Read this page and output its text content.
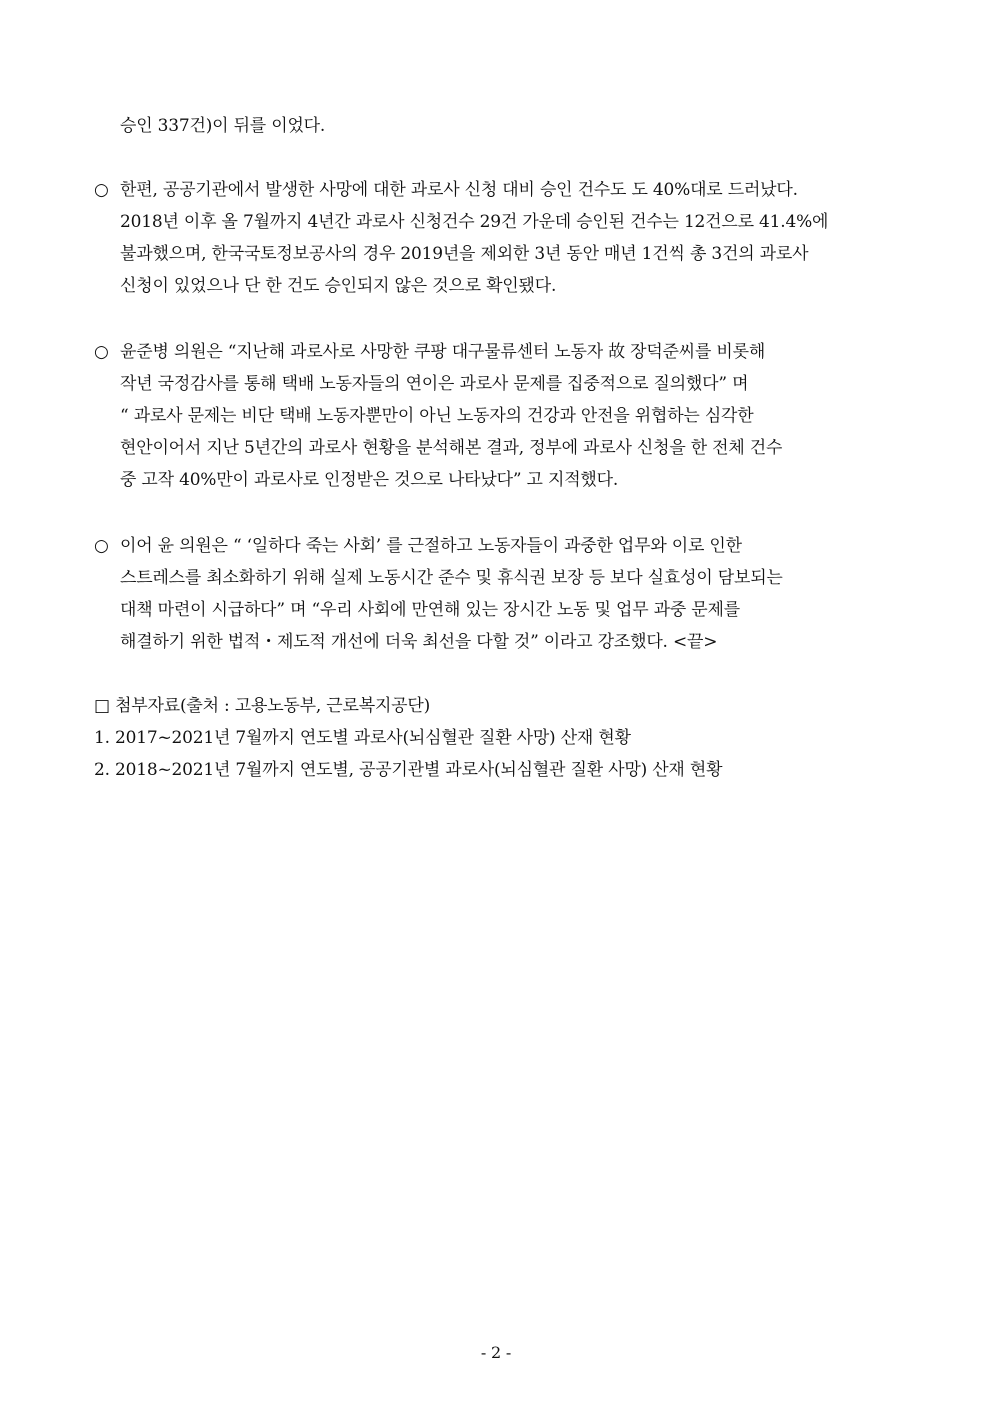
승인 337건)이 뒤를 이었다.
○ 한편, 공공기관에서 발생한 사망에 대한 과로사 신청 대비 승인 건수도 도 40%대로 드러났다.
2018년 이후 올 7월까지 4년간 과로사 신청건수 29건 가운데 승인된 건수는 12건으로 41.4%에
불과했으며, 한국국토정보공사의 경우 2019년을 제외한 3년 동안 매년 1건씩 총 3건의 과로사
신청이 있었으나 단 한 건도 승인되지 않은 것으로 확인됐다.
○ 윤준병 의원은 “지난해 과로사로 사망한 쿠팡 대구물류센터 노동자 故 장덕준씨를 비롯해
작년 국정감사를 통해 택배 노동자들의 연이은 과로사 문제를 집중적으로 질의했다” 며
“ 과로사 문제는 비단 택배 노동자뿐만이 아닌 노동자의 건강과 안전을 위협하는 심각한
현안이어서 지난 5년간의 과로사 현황을 분석해본 결과, 정부에 과로사 신청을 한 전체 건수
중 고작 40%만이 과로사로 인정받은 것으로 나타났다” 고 지적했다.
○ 이어 윤 의원은 “ ‘일하다 죽는 사회’ 를 근절하고 노동자들이 과중한 업무와 이로 인한
스트레스를 최소화하기 위해 실제 노동시간 준수 및 휴식권 보장 등 보다 실효성이 담보되는
대책 마련이 시급하다” 며 “우리 사회에 만연해 있는 장시간 노동 및 업무 과중 문제를
해결하기 위한 법적・제도적 개선에 더욱 최선을 다할 것” 이라고 강조했다. <끝>
□ 첨부자료(출처 : 고용노동부, 근로복지공단)
1. 2017~2021년 7월까지 연도별 과로사(뇌심혈관 질환 사망) 산재 현황
2. 2018~2021년 7월까지 연도별, 공공기관별 과로사(뇌심혈관 질환 사망) 산재 현황
- 2 -
